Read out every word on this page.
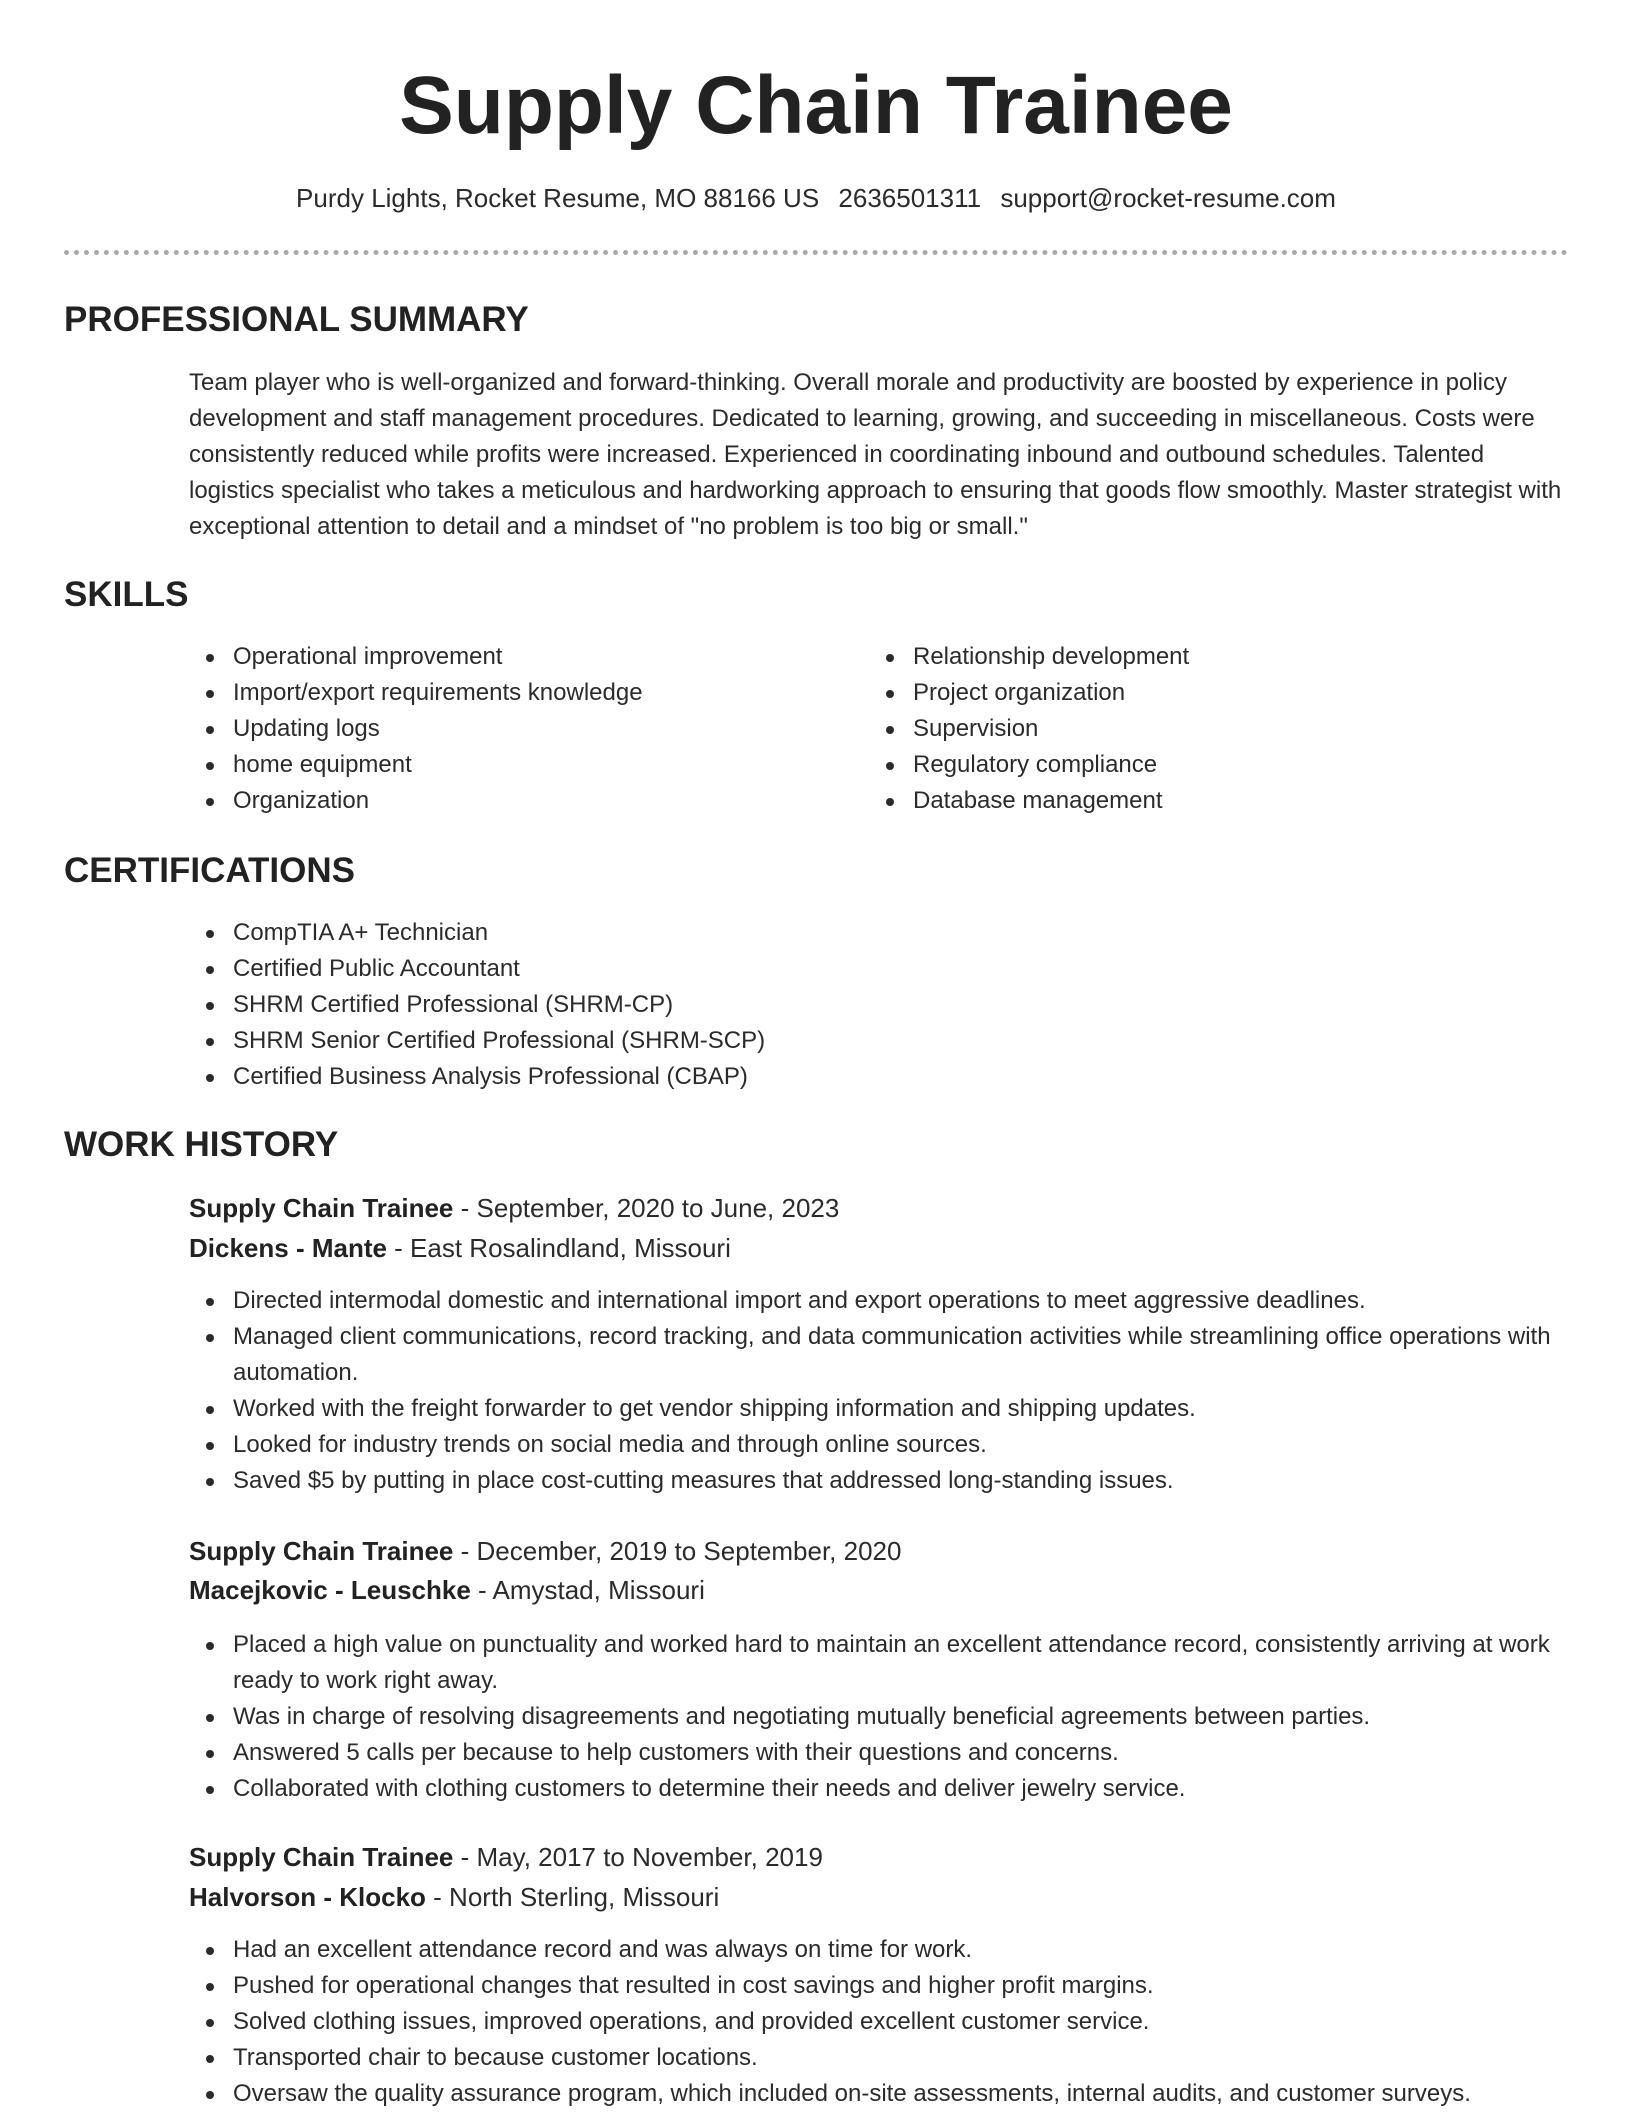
Supply Chain Trainee
Purdy Lights, Rocket Resume, MO 88166 US 2636501311 support@rocket-resume.com
PROFESSIONAL SUMMARY

Team player who is well-organized and forward-thinking. Overall morale and productivity are boosted by experience in policy development and staff management procedures. Dedicated to learning, growing, and succeeding in miscellaneous. Costs were consistently reduced while profits were increased. Experienced in coordinating inbound and outbound schedules. Talented logistics specialist who takes a meticulous and hardworking approach to ensuring that goods flow smoothly. Master strategist with exceptional attention to detail and a mindset of "no problem is too big or small."

SKILLS
Operational improvement
Import/export requirements knowledge
Updating logs
home equipment
Organization
Relationship development
Project organization
Supervision
Regulatory compliance
Database management
CERTIFICATIONS
CompTIA A+ Technician
Certified Public Accountant
SHRM Certified Professional (SHRM-CP)
SHRM Senior Certified Professional (SHRM-SCP)
Certified Business Analysis Professional (CBAP)
WORK HISTORY
Supply Chain Trainee - September, 2020 to June, 2023
Dickens - Mante - East Rosalindland, Missouri
Directed intermodal domestic and international import and export operations to meet aggressive deadlines.
Managed client communications, record tracking, and data communication activities while streamlining office operations with automation.
Worked with the freight forwarder to get vendor shipping information and shipping updates.
Looked for industry trends on social media and through online sources.
Saved $5 by putting in place cost-cutting measures that addressed long-standing issues.
Supply Chain Trainee - December, 2019 to September, 2020
Macejkovic - Leuschke - Amystad, Missouri
Placed a high value on punctuality and worked hard to maintain an excellent attendance record, consistently arriving at work ready to work right away.
Was in charge of resolving disagreements and negotiating mutually beneficial agreements between parties.
Answered 5 calls per because to help customers with their questions and concerns.
Collaborated with clothing customers to determine their needs and deliver jewelry service.
Supply Chain Trainee - May, 2017 to November, 2019
Halvorson - Klocko - North Sterling, Missouri
Had an excellent attendance record and was always on time for work.
Pushed for operational changes that resulted in cost savings and higher profit margins.
Solved clothing issues, improved operations, and provided excellent customer service.
Transported chair to because customer locations.
Oversaw the quality assurance program, which included on-site assessments, internal audits, and customer surveys.
